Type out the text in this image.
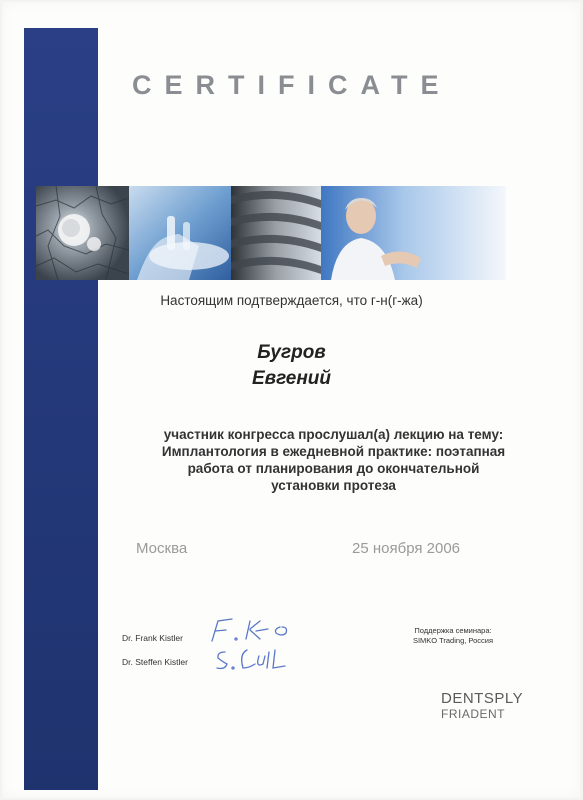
CERTIFICATE
Настоящим подтверждается, что г-н(г-жа)
Бугров
Евгений
участник конгресса прослушал(а) лекцию на тему:
Имплантология в ежедневной практике: поэтапная
работа от планирования до окончательной
установки протеза
Москва	25 ноября 2006
Dr. Frank Kistler
Dr. Steffen Kistler
Поддержка семинара:
SIMKO Trading, Россия
DENTSPLY
FRIADENT
